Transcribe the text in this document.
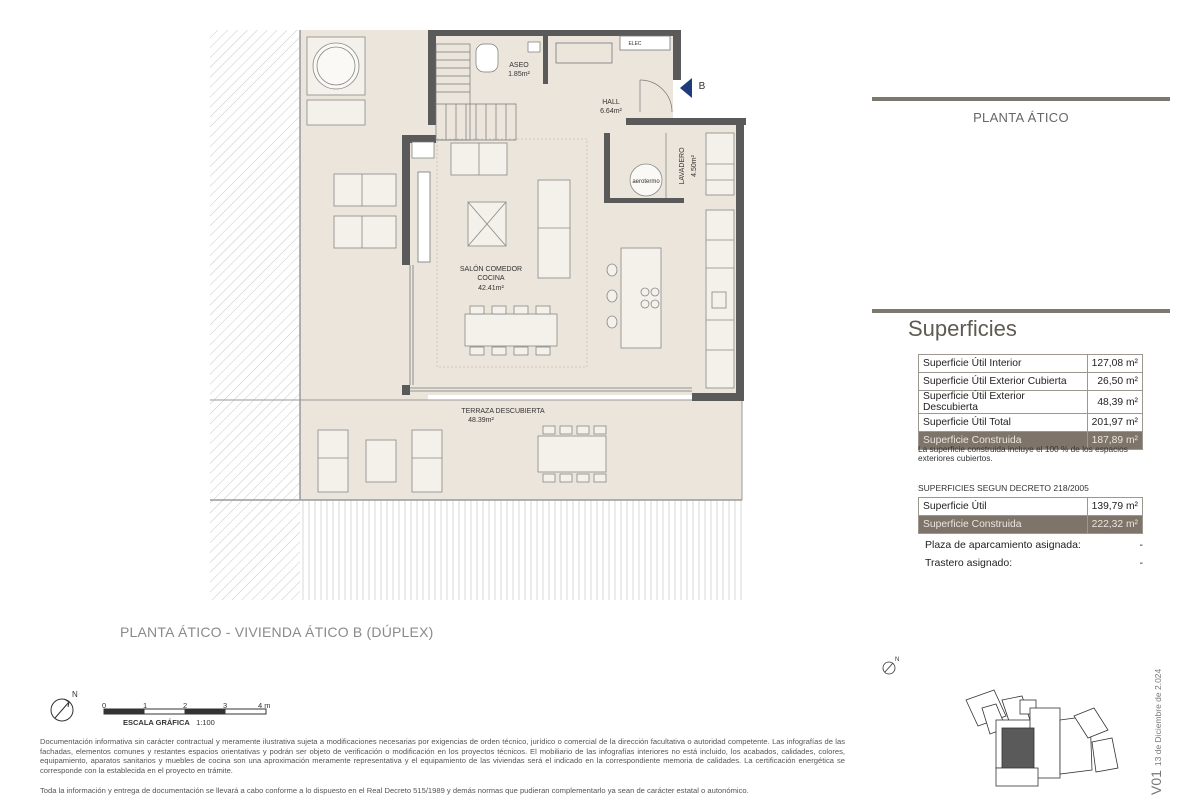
ASEO
1.85m²
HALL
6.64m²
LAVADERO 4.50m²
aerotermo
SALÓN COMEDOR
COCINA
42.41m²
TERRAZA DESCUBIERTA
48.39m²
ELEC
B
N
N
PLANTA ÁTICO - VIVIENDA ÁTICO B (DÚPLEX)
0	1	2	3	4 m
ESCALA GRÁFICA 1:100
Documentación informativa sin carácter contractual y meramente ilustrativa sujeta a modificaciones necesarias por exigencias de orden técnico, jurídico o comercial de la dirección facultativa o autoridad competente. Las infografías de las fachadas, elementos comunes y restantes espacios orientativas y podrán ser objeto de verificación o modificación en los proyectos técnicos. El mobiliario de las infografías interiores no está incluido, los acabados, calidades, colores, equipamiento, aparatos sanitarios y muebles de cocina son una aproximación meramente representativa y el equipamiento de las viviendas será el indicado en la correspondiente memoria de calidades. La certificación energética se corresponde con la establecida en el proyecto en trámite.
Toda la información y entrega de documentación se llevará a cabo conforme a lo dispuesto en el Real Decreto 515/1989 y demás normas que pudieran complementarlo ya sean de carácter estatal o autonómico.
PLANTA ÁTICO
Superficies
Superficie Útil Interior	127,08 m²
Superficie Útil Exterior Cubierta	26,50 m²
Superficie Útil Exterior Descubierta	48,39 m²
Superficie Útil Total	201,97 m²
Superficie Construida	187,89 m²
La superficie construida incluye el 100 % de los espacios exteriores cubiertos.
SUPERFICIES SEGUN DECRETO 218/2005
Superficie Útil	139,79 m²
Superficie Construida	222,32 m²
Plaza de aparcamiento asignada:	-
Trastero asignado:	-
V0113 de Diciembre de 2.024
